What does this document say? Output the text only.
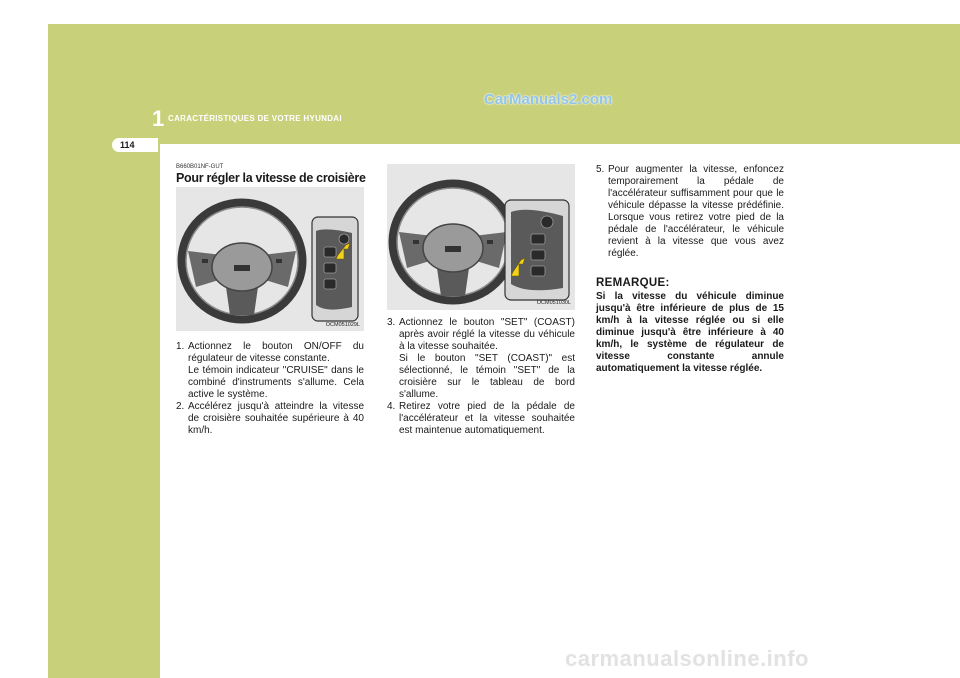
1 CARACTÉRISTIQUES DE VOTRE HYUNDAI
114
CarManuals2.com
B660B01NF-GUT
Pour régler la vitesse de croisière
OCM051029L
OCM051030L
1. Actionnez le bouton ON/OFF du régulateur de vitesse constante.

Le témoin indicateur "CRUISE" dans le combiné d'instruments s'allume. Cela active le système.

2. Accélérez jusqu'à atteindre la vitesse de croisière souhaitée supérieure à 40 km/h.

3. Actionnez le bouton "SET" (COAST) après avoir réglé la vitesse du véhicule à la vitesse souhaitée.

Si le bouton "SET (COAST)" est sélectionné, le témoin "SET" de la croisière sur le tableau de bord s'allume.

4. Retirez votre pied de la pédale de l'accélérateur et la vitesse souhaitée est maintenue automatiquement.

5. Pour augmenter la vitesse, enfoncez temporairement la pédale de l'accélérateur suffisamment pour que le véhicule dépasse la vitesse prédéfinie. Lorsque vous retirez votre pied de la pédale de l'accélérateur, le véhicule revient à la vitesse que vous avez réglée.

REMARQUE:
Si la vitesse du véhicule diminue jusqu'à être inférieure de plus de 15 km/h à la vitesse réglée ou si elle diminue jusqu'à être inférieure à 40 km/h, le système de régulateur de vitesse constante annule automatiquement la vitesse réglée.
carmanualsonline.info
